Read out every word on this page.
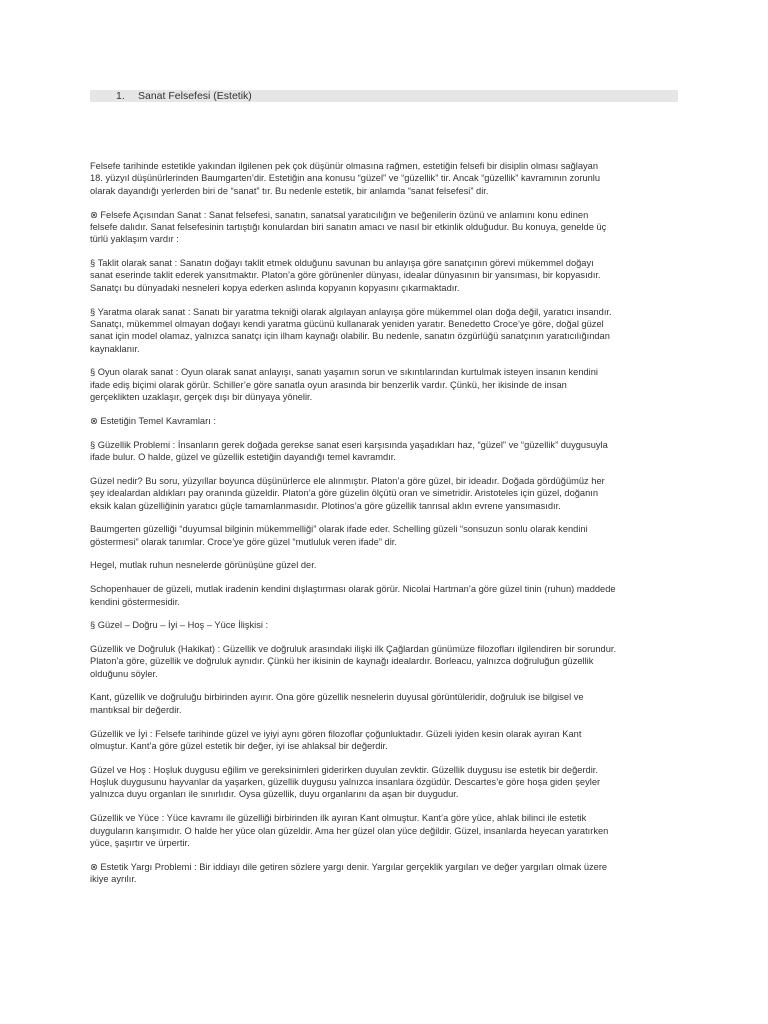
1. Sanat Felsefesi (Estetik)

Felsefe tarihinde estetikle yakından ilgilenen pek çok düşünür olmasına rağmen, estetiğin felsefi bir disiplin olması sağlayan
18. yüzyıl düşünürlerinden Baumgarten’dir. Estetiğin ana konusu “güzel” ve “güzellik” tir. Ancak “güzellik” kavramının zorunlu
olarak dayandığı yerlerden biri de “sanat” tır. Bu nedenle estetik, bir anlamda “sanat felsefesi” dir.

⊗ Felsefe Açısından Sanat : Sanat felsefesi, sanatın, sanatsal yaratıcılığın ve beğenilerin özünü ve anlamını konu edinen
felsefe dalıdır. Sanat felsefesinin tartıştığı konulardan biri sanatın amacı ve nasıl bir etkinlik olduğudur. Bu konuya, genelde üç
türlü yaklaşım vardır :

§ Taklit olarak sanat : Sanatın doğayı taklit etmek olduğunu savunan bu anlayışa göre sanatçının görevi mükemmel doğayı
sanat eserinde taklit ederek yansıtmaktır. Platon’a göre görünenler dünyası, idealar dünyasının bir yansıması, bir kopyasıdır.
Sanatçı bu dünyadaki nesneleri kopya ederken aslında kopyanın kopyasını çıkarmaktadır.

§ Yaratma olarak sanat : Sanatı bir yaratma tekniği olarak algılayan anlayışa göre mükemmel olan doğa değil, yaratıcı insandır.
Sanatçı, mükemmel olmayan doğayı kendi yaratma gücünü kullanarak yeniden yaratır. Benedetto Croce’ye göre, doğal güzel
sanat için model olamaz, yalnızca sanatçı için ilham kaynağı olabilir. Bu nedenle, sanatın özgürlüğü sanatçının yaratıcılığından
kaynaklanır.

§ Oyun olarak sanat : Oyun olarak sanat anlayışı, sanatı yaşamın sorun ve sıkıntılarından kurtulmak isteyen insanın kendini
ifade ediş biçimi olarak görür. Schiller’e göre sanatla oyun arasında bir benzerlik vardır. Çünkü, her ikisinde de insan
gerçeklikten uzaklaşır, gerçek dışı bir dünyaya yönelir.

⊗ Estetiğin Temel Kavramları :

§ Güzellik Problemi : İnsanların gerek doğada gerekse sanat eseri karşısında yaşadıkları haz, “güzel” ve “güzellik” duygusuyla
ifade bulur. O halde, güzel ve güzellik estetiğin dayandığı temel kavramdır.

Güzel nedir? Bu soru, yüzyıllar boyunca düşünürlerce ele alınmıştır. Platon’a göre güzel, bir ideadır. Doğada gördüğümüz her
şey idealardan aldıkları pay oranında güzeldir. Platon’a göre güzelin ölçütü oran ve simetridir. Aristoteles için güzel, doğanın
eksik kalan güzelliğinin yaratıcı güçle tamamlanmasıdır. Plotinos’a göre güzellik tanrısal aklın evrene yansımasıdır.

Baumgerten güzelliği “duyumsal bilginin mükemmelliği” olarak ifade eder. Schelling güzeli “sonsuzun sonlu olarak kendini
göstermesi” olarak tanımlar. Croce’ye göre güzel “mutluluk veren ifade” dir.

Hegel, mutlak ruhun nesnelerde görünüşüne güzel der.

Schopenhauer de güzeli, mutlak iradenin kendini dışlaştırması olarak görür. Nicolai Hartman’a göre güzel tinin (ruhun) maddede
kendini göstermesidir.

§ Güzel – Doğru – İyi – Hoş – Yüce İlişkisi :

Güzellik ve Doğruluk (Hakikat) : Güzellik ve doğruluk arasındaki ilişki ilk Çağlardan günümüze filozofları ilgilendiren bir sorundur.
Platon’a göre, güzellik ve doğruluk aynıdır. Çünkü her ikisinin de kaynağı idealardır. Borleacu, yalnızca doğruluğun güzellik
olduğunu söyler.

Kant, güzellik ve doğruluğu birbirinden ayırır. Ona göre güzellik nesnelerin duyusal görüntüleridir, doğruluk ise bilgisel ve
mantıksal bir değerdir.

Güzellik ve İyi : Felsefe tarihinde güzel ve iyiyi aynı gören filozoflar çoğunluktadır. Güzeli iyiden kesin olarak ayıran Kant
olmuştur. Kant’a göre güzel estetik bir değer, iyi ise ahlaksal bir değerdir.

Güzel ve Hoş : Hoşluk duygusu eğilim ve gereksinimleri giderirken duyulan zevktir. Güzellik duygusu ise estetik bir değerdir.
Hoşluk duygusunu hayvanlar da yaşarken, güzellik duygusu yalnızca insanlara özgüdür. Descartes’e göre hoşa giden şeyler
yalnızca duyu organları ile sınırlıdır. Oysa güzellik, duyu organlarını da aşan bir duygudur.

Güzellik ve Yüce : Yüce kavramı ile güzelliği birbirinden ilk ayıran Kant olmuştur. Kant’a göre yüce, ahlak bilinci ile estetik
duyguların karışımıdır. O halde her yüce olan güzeldir. Ama her güzel olan yüce değildir. Güzel, insanlarda heyecan yaratırken
yüce, şaşırtır ve ürpertir.

⊗ Estetik Yargı Problemi : Bir iddiayı dile getiren sözlere yargı denir. Yargılar gerçeklik yargıları ve değer yargıları olmak üzere
ikiye ayrılır.
